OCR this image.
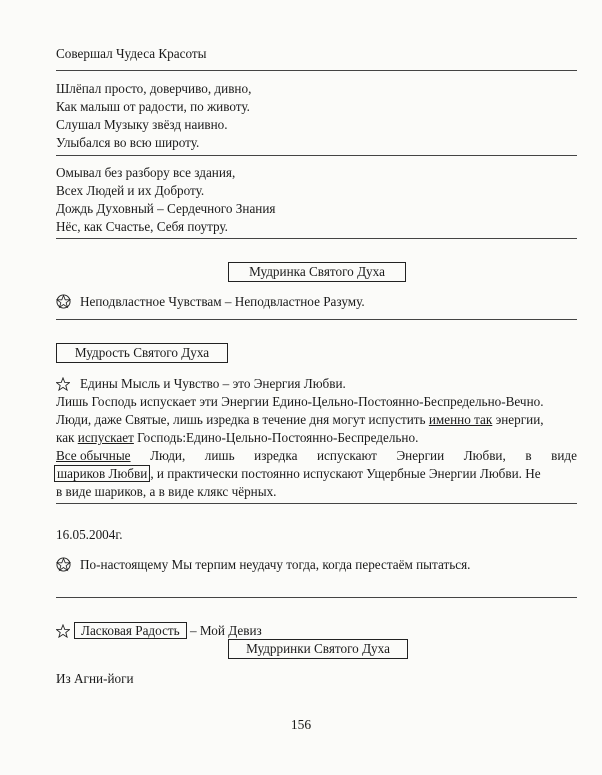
Совершал Чудеса Красоты
Шлёпал просто, доверчиво, дивно,
Как малыш от радости, по животу.
Слушал Музыку звёзд наивно.
Улыбался во всю широту.
Омывал без разбору все здания,
Всех Людей и их Доброту.
Дождь Духовный – Сердечного Знания
Нёс, как Счастье, Себя поутру.
Мудринка Святого Духа
Неподвластное Чувствам – Неподвластное Разуму.
Мудрость Святого Духа
Едины Мысль и Чувство – это Энергия Любви.
Лишь Господь испускает эти Энергии Едино-Цельно-Постоянно-Беспредельно-Вечно.
Люди, даже Святые, лишь изредка в течение дня могут испустить именно так энергии,
как испускает Господь:Едино-Цельно-Постоянно-Беспредельно.
Все обычные Люди, лишь изредка испускают Энергии Любви, в виде
шариков Любви , и практически постоянно испускают Ущербные Энергии Любви. Не
в виде шариков, а в виде клякс чёрных.
16.05.2004г.
По-настоящему Мы терпим неудачу тогда, когда перестаём пытаться.
Ласковая Радость – Мой Девиз
Мудрринки Святого Духа
Из Агни-йоги
156
